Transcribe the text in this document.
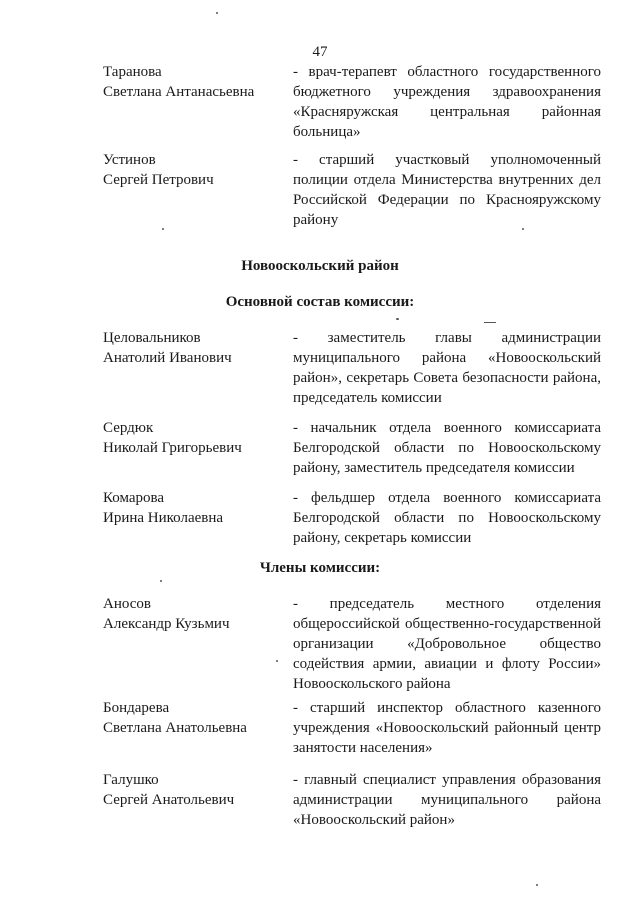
47
Таранова
Светлана Антанасьевна
- врач-терапевт областного государственного бюджетного учреждения здравоохранения «Красняружская центральная районная больница»
Устинов
Сергей Петрович
- старший участковый уполномоченный полиции отдела Министерства внутренних дел Российской Федерации по Краснояружскому району
Новооскольский район
Основной состав комиссии:
Целовальников
Анатолий Иванович
- заместитель главы администрации муниципального района «Новооскольский район», секретарь Совета безопасности района, председатель комиссии
Сердюк
Николай Григорьевич
- начальник отдела военного комиссариата Белгородской области по Новооскольскому району, заместитель председателя комиссии
Комарова
Ирина Николаевна
- фельдшер отдела военного комиссариата Белгородской области по Новооскольскому району, секретарь комиссии
Члены комиссии:
Аносов
Александр Кузьмич
- председатель местного отделения общероссийской общественно-государственной организации «Добровольное общество содействия армии, авиации и флоту России» Новооскольского района
Бондарева
Светлана Анатольевна
- старший инспектор областного казенного учреждения «Новооскольский районный центр занятости населения»
Галушко
Сергей Анатольевич
- главный специалист управления образования администрации муниципального района «Новооскольский район»
